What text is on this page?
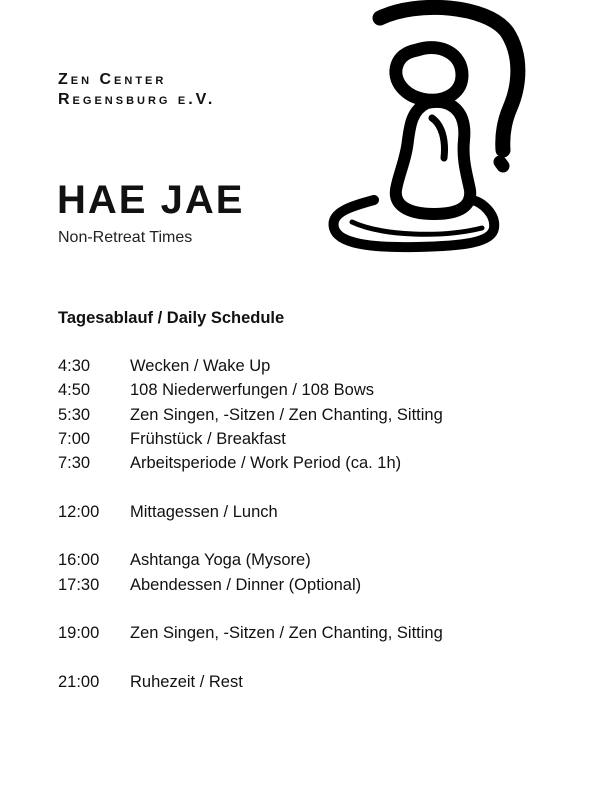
Zen Center
Regensburg e.V.
HAE JAE
Non-Retreat Times
Tagesablauf / Daily Schedule
4:30	Wecken / Wake Up
4:50	108 Niederwerfungen / 108 Bows
5:30	Zen Singen, -Sitzen / Zen Chanting, Sitting
7:00	Frühstück / Breakfast
7:30	Arbeitsperiode / Work Period (ca. 1h)
12:00	Mittagessen / Lunch
16:00	Ashtanga Yoga (Mysore)
17:30	Abendessen / Dinner (Optional)
19:00	Zen Singen, -Sitzen / Zen Chanting, Sitting
21:00	Ruhezeit / Rest
